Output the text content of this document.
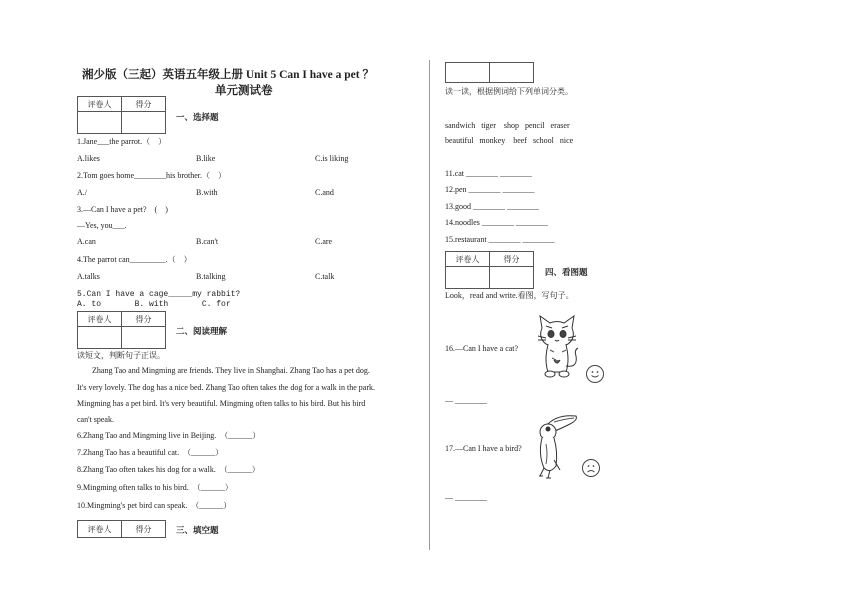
湘少版（三起）英语五年级上册 Unit 5 Can I have a pet ？
单元测试卷
评卷人	得分

一、选择题
1.Jane___the parrot.（　）
A.likes	B.like	C.is liking
2.Tom goes home________his brother.（　）
A./	B.with	C.and
3.—Can I have a pet?　(　)
—Yes, you___.
A.can	B.can't	C.are
4.The parrot can_________.（　）
A.talks	B.talking	C.talk
5.Can I have a cage_____my rabbit?
A. to       B. with       C. for
评卷人	得分

二、阅读理解
读短文，判断句子正误。
Zhang Tao and Mingming are friends. They live in Shanghai. Zhang Tao has a pet dog.
It's very lovely. The dog has a nice bed. Zhang Tao often takes the dog for a walk in the park.
Mingming has a pet bird. It's very beautiful. Mingming often talks to his bird. But his bird
can't speak.
6.Zhang Tao and Mingming live in Beijing.　（______）
7.Zhang Tao has a beautiful cat.　（______）
8.Zhang Tao often takes his dog for a walk.　（______）
9.Mingming often talks to his bird.　（______）
10.Mingming's pet bird can speak.　（______）
评卷人	得分	三、填空题

读一读，根据例词给下列单词分类。
sandwich   tiger    shop   pencil   eraser
beautiful   monkey    beef   school   nice
11.cat ________ ________
12.pen ________ ________
13.good ________ ________
14.noodles ________ ________
15.restaurant ________ ________
评卷人	得分

四、看图题
Look，read and write.看图，写句子。
16.—Can I have a cat?
— ________
17.—Can I have a bird?
— ________
